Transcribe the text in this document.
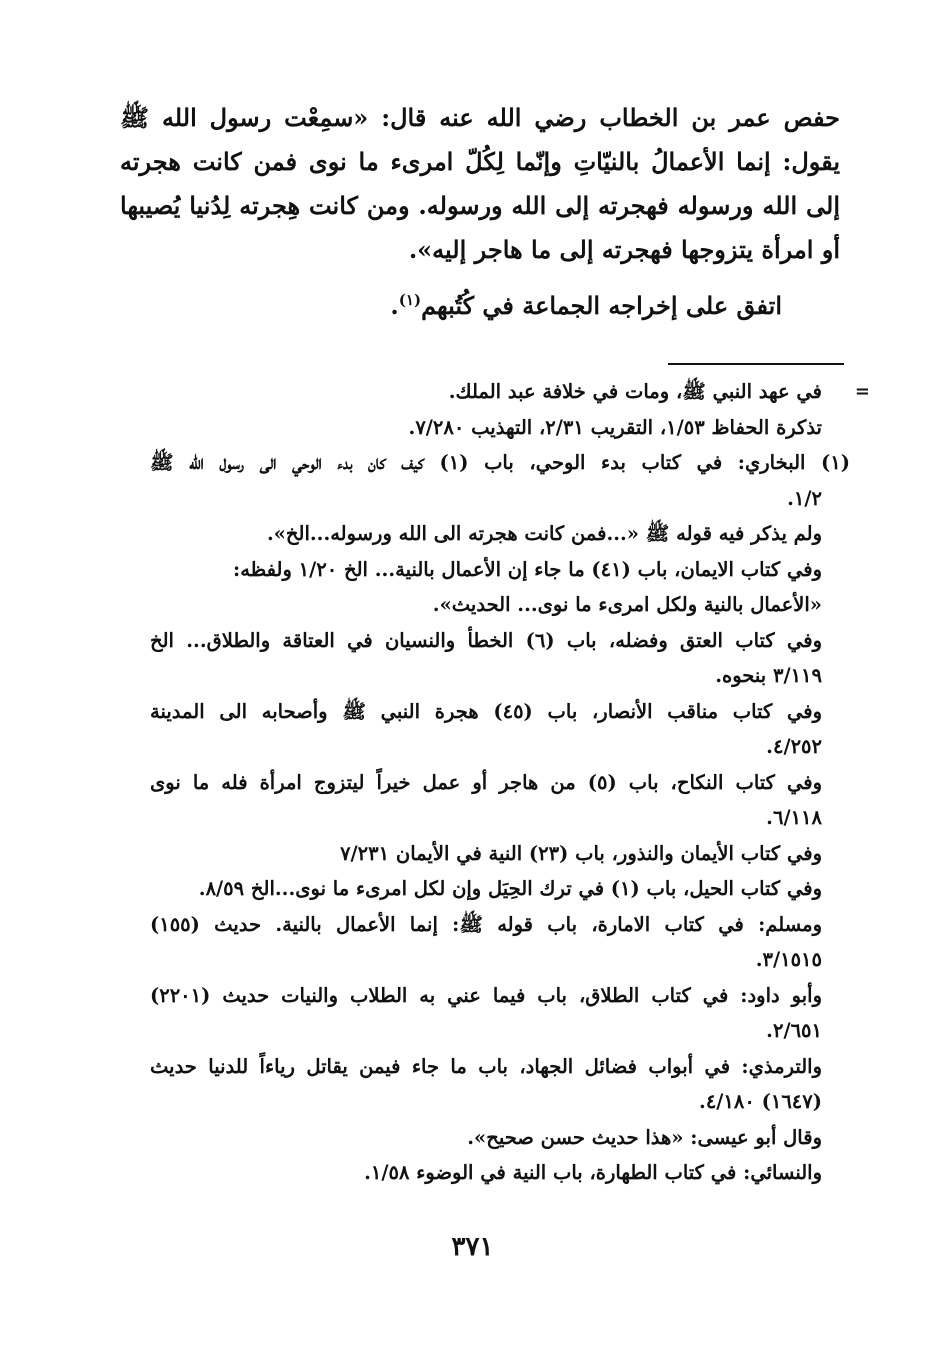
حفص عمر بن الخطاب رضي الله عنه قال: «سمِعْت رسول الله ﷺ يقول: إنما الأعمالُ بالنيّاتِ وإنّما لِكُلّ امرىء ما نوى فمن كانت هجرته إلى الله ورسوله فهجرته إلى الله ورسوله. ومن كانت هِجرته لِدُنيا يُصيبها أو امرأة يتزوجها فهجرته إلى ما هاجر إليه».

اتفق على إخراجه الجماعة في كُتُبهم$^{(١)}$.

=
في عهد النبي ﷺ، ومات في خلافة عبد الملك.

تذكرة الحفاظ ١/٥٣، التقريب ٢/٣١، التهذيب ٧/٢٨٠.

(١) البخاري: في كتاب بدء الوحي، باب (١) كيف كان بدء الوحي الى رسول الله ﷺ

١/٢.

ولم يذكر فيه قوله ﷺ «...فمن كانت هجرته الى الله ورسوله...الخ».

وفي كتاب الايمان، باب (٤١) ما جاء إن الأعمال بالنية... الخ ١/٢٠ ولفظه:

«الأعمال بالنية ولكل امرىء ما نوى... الحديث».

وفي كتاب العتق وفضله، باب (٦) الخطأ والنسيان في العتاقة والطلاق... الخ

٣/١١٩ بنحوه.

وفي كتاب مناقب الأنصار، باب (٤٥) هجرة النبي ﷺ وأصحابه الى المدينة

٤/٢٥٢.

وفي كتاب النكاح، باب (٥) من هاجر أو عمل خيراً ليتزوج امرأة فله ما نوى

٦/١١٨.

وفي كتاب الأيمان والنذور، باب (٢٣) النية في الأيمان ٧/٢٣١

وفي كتاب الحيل، باب (١) في ترك الحِيَل وإن لكل امرىء ما نوى...الخ ٨/٥٩.

ومسلم: في كتاب الامارة، باب قوله ﷺ: إنما الأعمال بالنية. حديث (١٥٥)

٣/١٥١٥.

وأبو داود: في كتاب الطلاق، باب فيما عني به الطلاب والنيات حديث (٢٢٠١)

٢/٦٥١.

والترمذي: في أبواب فضائل الجهاد، باب ما جاء فيمن يقاتل رياءاً للدنيا حديث

(١٦٤٧) ٤/١٨٠.

وقال أبو عيسى: «هذا حديث حسن صحيح».

والنسائي: في كتاب الطهارة، باب النية في الوضوء ١/٥٨.

٣٧١
